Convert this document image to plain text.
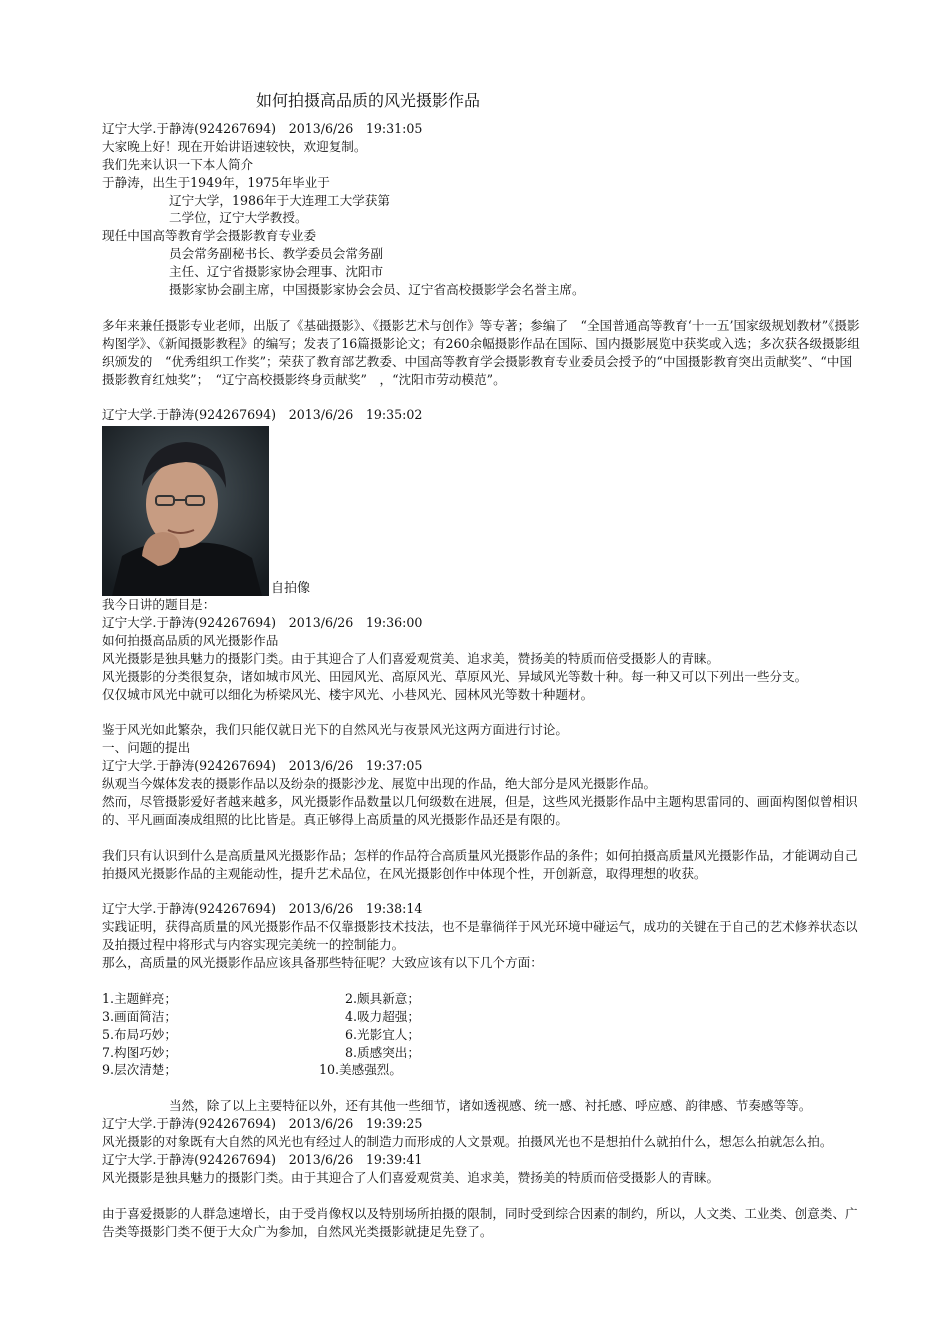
如何拍摄高品质的风光摄影作品
辽宁大学.于静涛(924267694)　2013/6/26　19:31:05
大家晚上好！现在开始讲语速较快，欢迎复制。
我们先来认识一下本人简介
于静涛，出生于1949年，1975年毕业于
辽宁大学，1986年于大连理工大学获第
二学位，辽宁大学教授。
现任中国高等教育学会摄影教育专业委
员会常务副秘书长、教学委员会常务副
主任、辽宁省摄影家协会理事、沈阳市
摄影家协会副主席，中国摄影家协会会员、辽宁省高校摄影学会名誉主席。
多年来兼任摄影专业老师，出版了《基础摄影》、《摄影艺术与创作》等专著；参编了　“全国普通高等教育‘十一五’国家级规划教材”《摄影构图学》、《新闻摄影教程》的编写；发表了16篇摄影论文；有260余幅摄影作品在国际、国内摄影展览中获奖或入选；多次获各级摄影组织颁发的　“优秀组织工作奖”；荣获了教育部艺教委、中国高等教育学会摄影教育专业委员会授予的“中国摄影教育突出贡献奖”、“中国摄影教育红烛奖”；　“辽宁高校摄影终身贡献奖”　，“沈阳市劳动模范”。
辽宁大学.于静涛(924267694)　2013/6/26　19:35:02
自拍像
我今日讲的题目是：
辽宁大学.于静涛(924267694)　2013/6/26　19:36:00
如何拍摄高品质的风光摄影作品
风光摄影是独具魅力的摄影门类。由于其迎合了人们喜爱观赏美、追求美，赞扬美的特质而倍受摄影人的青睐。
风光摄影的分类很复杂，诸如城市风光、田园风光、高原风光、草原风光、异域风光等数十种。每一种又可以下列出一些分支。
仅仅城市风光中就可以细化为桥梁风光、楼宇风光、小巷风光、园林风光等数十种题材。
鉴于风光如此繁杂，我们只能仅就日光下的自然风光与夜景风光这两方面进行讨论。
一、问题的提出
辽宁大学.于静涛(924267694)　2013/6/26　19:37:05
纵观当今媒体发表的摄影作品以及纷杂的摄影沙龙、展览中出现的作品，绝大部分是风光摄影作品。
然而，尽管摄影爱好者越来越多，风光摄影作品数量以几何级数在进展，但是，这些风光摄影作品中主题构思雷同的、画面构图似曾相识的、平凡画面凑成组照的比比皆是。真正够得上高质量的风光摄影作品还是有限的。
我们只有认识到什么是高质量风光摄影作品；怎样的作品符合高质量风光摄影作品的条件；如何拍摄高质量风光摄影作品，才能调动自己拍摄风光摄影作品的主观能动性，提升艺术品位，在风光摄影创作中体现个性，开创新意，取得理想的收获。
辽宁大学.于静涛(924267694)　2013/6/26　19:38:14
实践证明，获得高质量的风光摄影作品不仅靠摄影技术技法，也不是靠徜徉于风光环境中碰运气，成功的关键在于自己的艺术修养状态以及拍摄过程中将形式与内容实现完美统一的控制能力。
那么，高质量的风光摄影作品应该具备那些特征呢？大致应该有以下几个方面：
1.主题鲜亮；	2.颇具新意；
3.画面简洁；	4.吸力超强；
5.布局巧妙；	6.光影宜人；
7.构图巧妙；	8.质感突出；
9.层次清楚；	10.美感强烈。
当然，除了以上主要特征以外，还有其他一些细节，诸如透视感、统一感、衬托感、呼应感、韵律感、节奏感等等。
辽宁大学.于静涛(924267694)　2013/6/26　19:39:25
风光摄影的对象既有大自然的风光也有经过人的制造力而形成的人文景观。拍摄风光也不是想拍什么就拍什么，想怎么拍就怎么拍。
辽宁大学.于静涛(924267694)　2013/6/26　19:39:41
风光摄影是独具魅力的摄影门类。由于其迎合了人们喜爱观赏美、追求美，赞扬美的特质而倍受摄影人的青睐。
由于喜爱摄影的人群急速增长，由于受肖像权以及特别场所拍摄的限制，同时受到综合因素的制约，所以，人文类、工业类、创意类、广告类等摄影门类不便于大众广为参加，自然风光类摄影就捷足先登了。
